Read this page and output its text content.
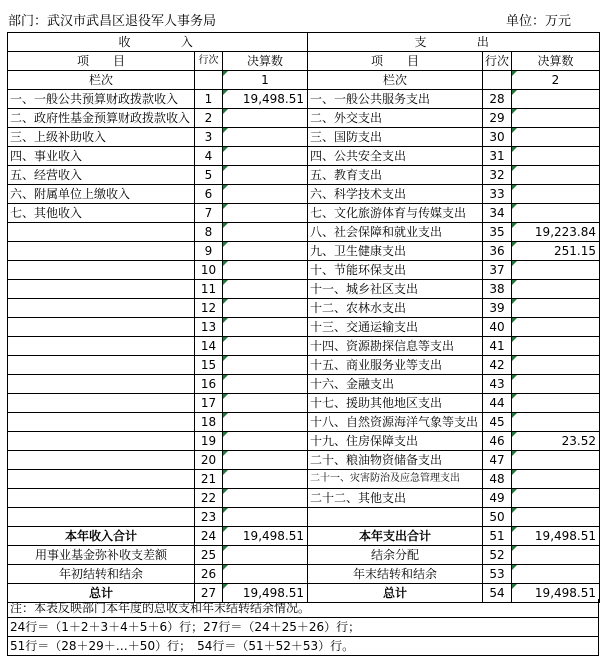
部门：武汉市武昌区退役军人事务局	单位：万元
收　　　入			支　　　出		
项　　目	行次	决算数	项　　目	行次	决算数
栏次		1	栏次		2
一、一般公共预算财政拨款收入	1	19,498.51	一、一般公共服务支出	28	
二、政府性基金预算财政拨款收入	2		二、外交支出	29	
三、上级补助收入	3		三、国防支出	30	
四、事业收入	4		四、公共安全支出	31	
五、经营收入	5		五、教育支出	32	
六、附属单位上缴收入	6		六、科学技术支出	33	
七、其他收入	7		七、文化旅游体育与传媒支出	34	
	8		八、社会保障和就业支出	35	19,223.84
	9		九、卫生健康支出	36	251.15
	10		十、节能环保支出	37	
	11		十一、城乡社区支出	38	
	12		十二、农林水支出	39	
	13		十三、交通运输支出	40	
	14		十四、资源勘探信息等支出	41	
	15		十五、商业服务业等支出	42	
	16		十六、金融支出	43	
	17		十七、援助其他地区支出	44	
	18		十八、自然资源海洋气象等支出	45	
	19		十九、住房保障支出	46	23.52
	20		二十、粮油物资储备支出	47	
	21		二十一、灾害防治及应急管理支出	48	
	22		二十二、其他支出	49	
	23			50	
本年收入合计	24	19,498.51	本年支出合计	51	19,498.51
用事业基金弥补收支差额	25		结余分配	52	
年初结转和结余	26		年末结转和结余	53	
总计	27	19,498.51	总计	54	19,498.51
注：本表反映部门本年度的总收支和年末结转结余情况。
24行＝（1＋2＋3＋4＋5＋6）行；27行＝（24＋25＋26）行；
51行＝（28＋29＋…＋50）行；　54行＝（51＋52＋53）行。
